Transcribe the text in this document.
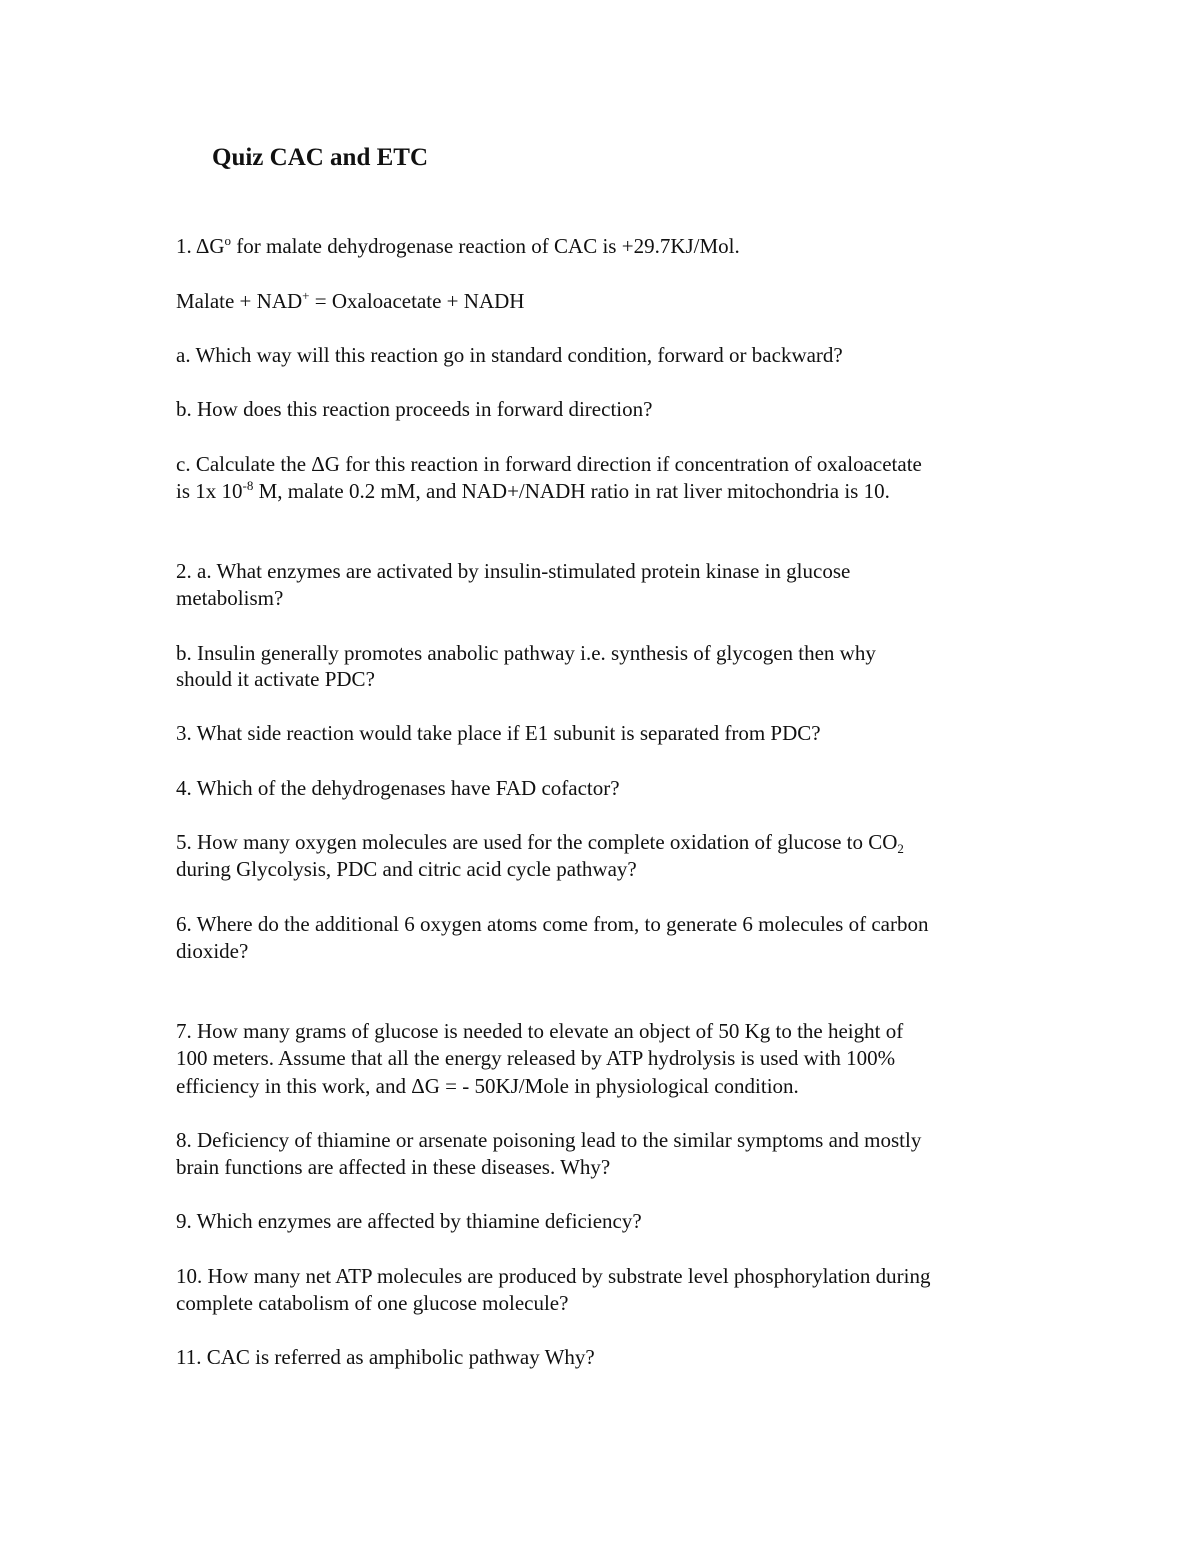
Quiz CAC and ETC
1. $\Delta G^o$ for malate dehydrogenase reaction of CAC is +29.7KJ/Mol.
Malate + NAD+ = Oxaloacetate + NADH
a. Which way will this reaction go in standard condition, forward or backward?
b. How does this reaction proceeds in forward direction?
c. Calculate the ΔG for this reaction in forward direction if concentration of oxaloacetate
is 1x $10^{-8}$ M, malate 0.2 mM, and NAD+/NADH ratio in rat liver mitochondria is 10.
2. a. What enzymes are activated by insulin-stimulated protein kinase in glucose
metabolism?
b. Insulin generally promotes anabolic pathway i.e. synthesis of glycogen then why
should it activate PDC?
3. What side reaction would take place if E1 subunit is separated from PDC?
4. Which of the dehydrogenases have FAD cofactor?
5. How many oxygen molecules are used for the complete oxidation of glucose to $CO_2$
during Glycolysis, PDC and citric acid cycle pathway?
6. Where do the additional 6 oxygen atoms come from, to generate 6 molecules of carbon
dioxide?
7. How many grams of glucose is needed to elevate an object of 50 Kg to the height of
100 meters. Assume that all the energy released by ATP hydrolysis is used with 100%
efficiency in this work, and ΔG = - 50KJ/Mole in physiological condition.
8. Deficiency of thiamine or arsenate poisoning lead to the similar symptoms and mostly
brain functions are affected in these diseases. Why?
9. Which enzymes are affected by thiamine deficiency?
10. How many net ATP molecules are produced by substrate level phosphorylation during
complete catabolism of one glucose molecule?
11. CAC is referred as amphibolic pathway Why?
